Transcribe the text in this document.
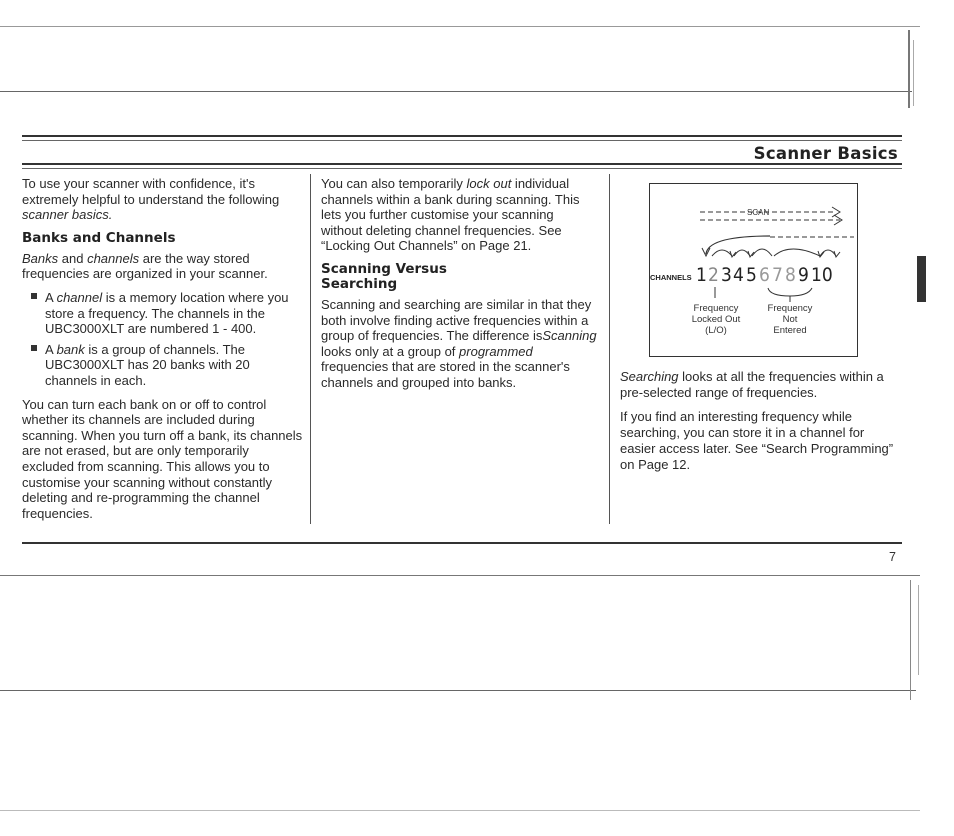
Scanner Basics

To use your scanner with confidence, it's extremely helpful to understand the following scanner basics.

Banks and Channels

Banks and channels are the way stored frequencies are organized in your scanner.

A channel is a memory location where you store a frequency. The channels in the UBC3000XLT are numbered 1 - 400.
A bank is a group of channels. The UBC3000XLT has 20 banks with 20 channels in each.

You can turn each bank on or off to control whether its channels are included during scanning. When you turn off a bank, its channels are not erased, but are only temporarily excluded from scanning. This allows you to customise your scanning without constantly deleting and re-programming the channel frequencies.

You can also temporarily lock out individual channels within a bank during scanning. This lets you further customise your scanning without deleting channel frequencies. See “Locking Out Channels” on Page 21.

Scanning Versus Searching

Scanning and searching are similar in that they both involve finding active frequencies within a group of frequencies. The difference isScanning looks only at a group of programmed frequencies that are stored in the scanner's channels and grouped into banks.

SCAN
CHANNELS 1 2 3 4 5 6 7 8 9 10
Frequency
Locked Out
(L/O)
Frequency
Not
Entered

Searching looks at all the frequencies within a pre-selected range of frequencies.

If you find an interesting frequency while searching, you can store it in a channel for easier access later. See “Search Programming” on Page 12.

7
